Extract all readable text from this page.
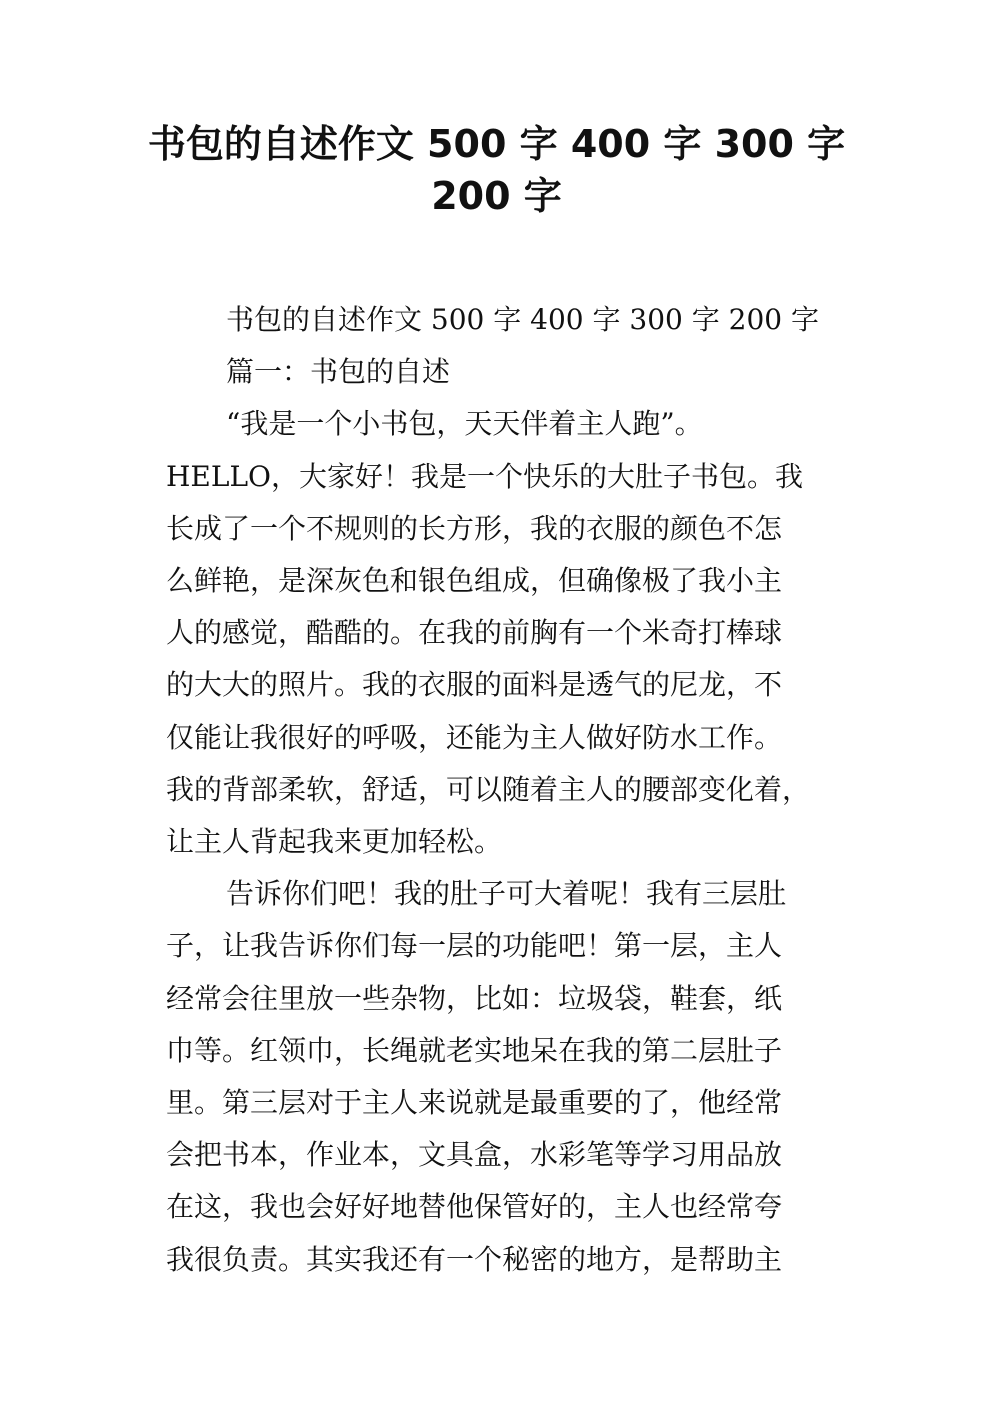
书包的自述作文 500 字 400 字 300 字
200 字

书包的自述作文 500 字 400 字 300 字 200 字

篇一：书包的自述

“我是一个小书包，天天伴着主人跑”。
HELLO，大家好！我是一个快乐的大肚子书包。我
长成了一个不规则的长方形，我的衣服的颜色不怎
么鲜艳，是深灰色和银色组成，但确像极了我小主
人的感觉，酷酷的。在我的前胸有一个米奇打棒球
的大大的照片。我的衣服的面料是透气的尼龙，不
仅能让我很好的呼吸，还能为主人做好防水工作。
我的背部柔软，舒适，可以随着主人的腰部变化着，
让主人背起我来更加轻松。

告诉你们吧！我的肚子可大着呢！我有三层肚
子，让我告诉你们每一层的功能吧！第一层，主人
经常会往里放一些杂物，比如：垃圾袋，鞋套，纸
巾等。红领巾，长绳就老实地呆在我的第二层肚子
里。第三层对于主人来说就是最重要的了，他经常
会把书本，作业本，文具盒，水彩笔等学习用品放
在这，我也会好好地替他保管好的，主人也经常夸
我很负责。其实我还有一个秘密的地方，是帮助主
